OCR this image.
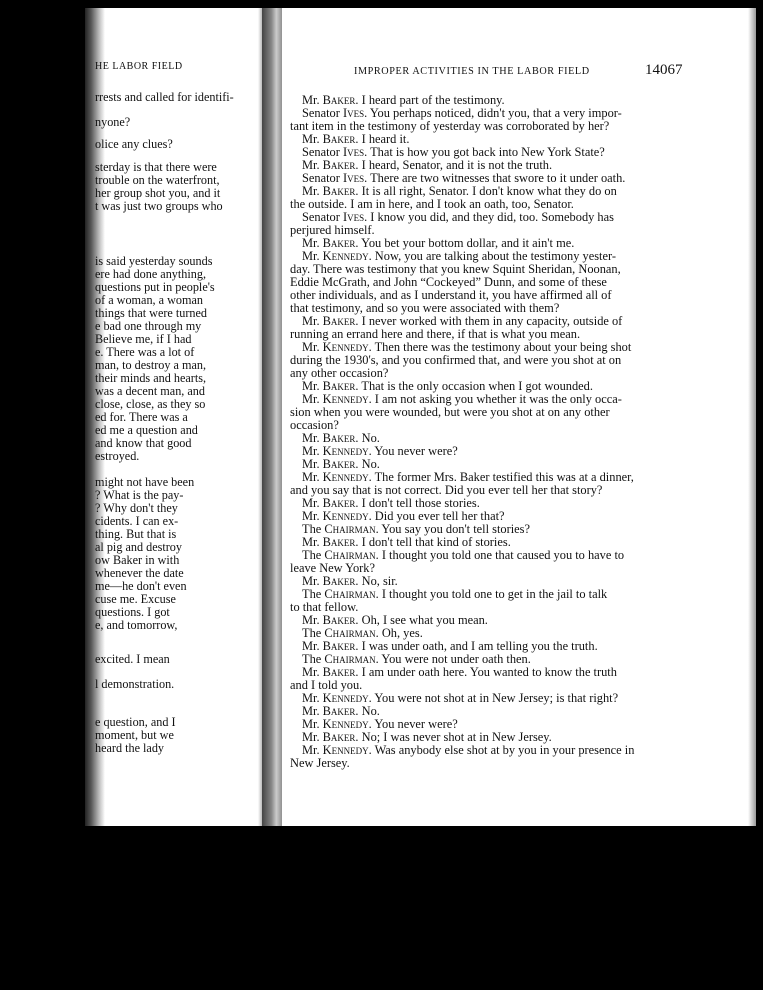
HE LABOR FIELD
rrests and called for identifi-
nyone?
olice any clues?
sterday is that there were
trouble on the waterfront,
her group shot you, and it
t was just two groups who
is said yesterday sounds
ere had done anything,
questions put in people's
of a woman, a woman
things that were turned
e bad one through my
Believe me, if I had
e. There was a lot of
man, to destroy a man,
their minds and hearts,
was a decent man, and
close, close, as they so
ed for. There was a
ed me a question and
and know that good
estroyed.
might not have been
? What is the pay-
? Why don't they
cidents. I can ex-
thing. But that is
al pig and destroy
ow Baker in with
whenever the date
me—he don't even
cuse me. Excuse
questions. I got
e, and tomorrow,
excited. I mean
l demonstration.
e question, and I
moment, but we
heard the lady
IMPROPER ACTIVITIES IN THE LABOR FIELD	14067
Mr. Baker. I heard part of the testimony.
Senator Ives. You perhaps noticed, didn't you, that a very impor-
tant item in the testimony of yesterday was corroborated by her?
Mr. Baker. I heard it.
Senator Ives. That is how you got back into New York State?
Mr. Baker. I heard, Senator, and it is not the truth.
Senator Ives. There are two witnesses that swore to it under oath.
Mr. Baker. It is all right, Senator. I don't know what they do on
the outside. I am in here, and I took an oath, too, Senator.
Senator Ives. I know you did, and they did, too. Somebody has
perjured himself.
Mr. Baker. You bet your bottom dollar, and it ain't me.
Mr. Kennedy. Now, you are talking about the testimony yester-
day. There was testimony that you knew Squint Sheridan, Noonan,
Eddie McGrath, and John “Cockeyed” Dunn, and some of these
other individuals, and as I understand it, you have affirmed all of
that testimony, and so you were associated with them?
Mr. Baker. I never worked with them in any capacity, outside of
running an errand here and there, if that is what you mean.
Mr. Kennedy. Then there was the testimony about your being shot
during the 1930's, and you confirmed that, and were you shot at on
any other occasion?
Mr. Baker. That is the only occasion when I got wounded.
Mr. Kennedy. I am not asking you whether it was the only occa-
sion when you were wounded, but were you shot at on any other
occasion?
Mr. Baker. No.
Mr. Kennedy. You never were?
Mr. Baker. No.
Mr. Kennedy. The former Mrs. Baker testified this was at a dinner,
and you say that is not correct. Did you ever tell her that story?
Mr. Baker. I don't tell those stories.
Mr. Kennedy. Did you ever tell her that?
The Chairman. You say you don't tell stories?
Mr. Baker. I don't tell that kind of stories.
The Chairman. I thought you told one that caused you to have to
leave New York?
Mr. Baker. No, sir.
The Chairman. I thought you told one to get in the jail to talk
to that fellow.
Mr. Baker. Oh, I see what you mean.
The Chairman. Oh, yes.
Mr. Baker. I was under oath, and I am telling you the truth.
The Chairman. You were not under oath then.
Mr. Baker. I am under oath here. You wanted to know the truth
and I told you.
Mr. Kennedy. You were not shot at in New Jersey; is that right?
Mr. Baker. No.
Mr. Kennedy. You never were?
Mr. Baker. No; I was never shot at in New Jersey.
Mr. Kennedy. Was anybody else shot at by you in your presence in
New Jersey.
